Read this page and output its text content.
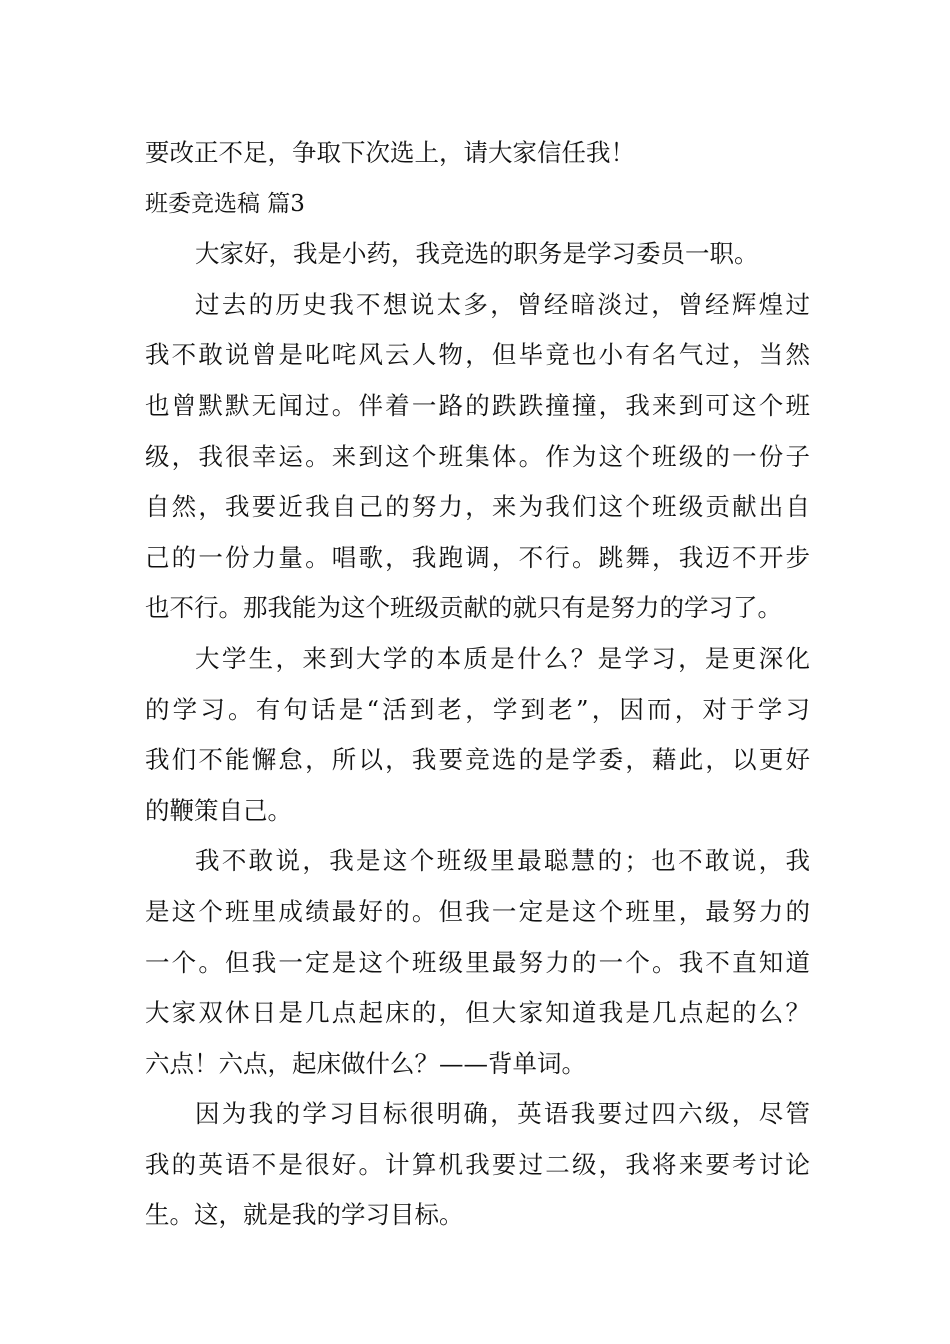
要改正不足，争取下次选上，请大家信任我！

班委竞选稿 篇3

大家好，我是小药，我竞选的职务是学习委员一职。

过去的历史我不想说太多，曾经暗淡过，曾经辉煌过

我不敢说曾是叱咤风云人物，但毕竟也小有名气过，当然

也曾默默无闻过。伴着一路的跌跌撞撞，我来到可这个班

级，我很幸运。来到这个班集体。作为这个班级的一份子

自然，我要近我自己的努力，来为我们这个班级贡献出自

己的一份力量。唱歌，我跑调，不行。跳舞，我迈不开步

也不行。那我能为这个班级贡献的就只有是努力的学习了。

大学生，来到大学的本质是什么？是学习，是更深化

的学习。有句话是“活到老，学到老”，因而，对于学习

我们不能懈怠，所以，我要竞选的是学委，藉此，以更好

的鞭策自己。

我不敢说，我是这个班级里最聪慧的；也不敢说，我

是这个班里成绩最好的。但我一定是这个班里，最努力的

一个。但我一定是这个班级里最努力的一个。我不直知道

大家双休日是几点起床的，但大家知道我是几点起的么？

六点！六点，起床做什么？——背单词。

因为我的学习目标很明确，英语我要过四六级，尽管

我的英语不是很好。计算机我要过二级，我将来要考讨论

生。这，就是我的学习目标。
